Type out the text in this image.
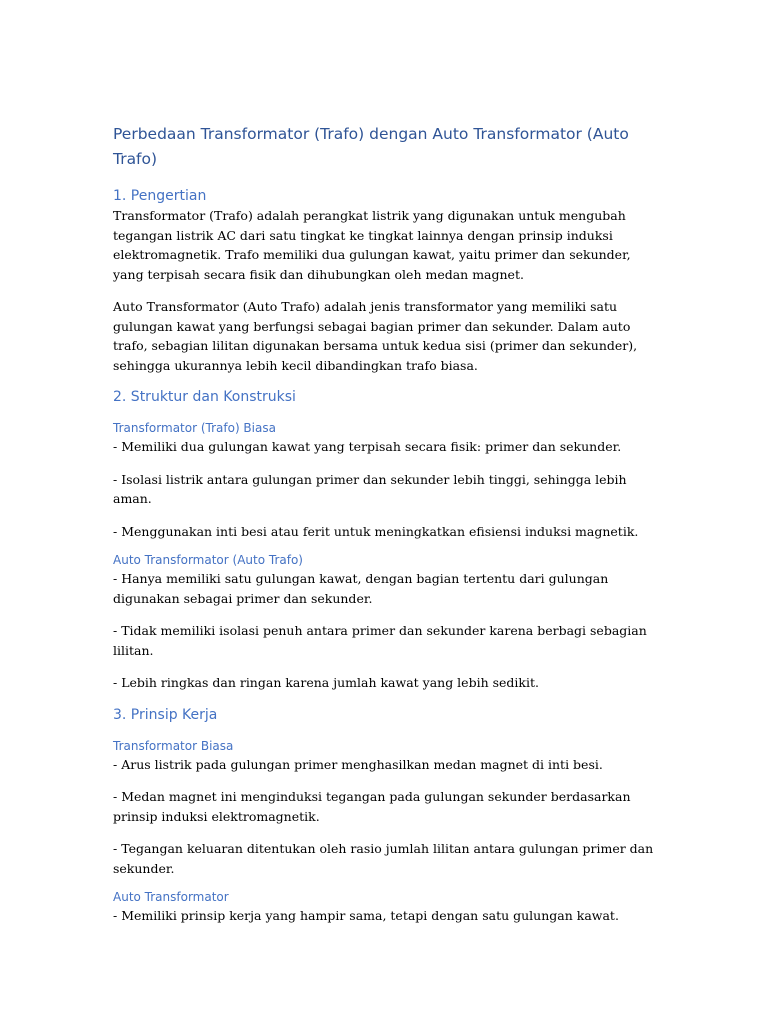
Perbedaan Transformator (Trafo) dengan Auto Transformator (Auto Trafo)
1. Pengertian

Transformator (Trafo) adalah perangkat listrik yang digunakan untuk mengubah tegangan listrik AC dari satu tingkat ke tingkat lainnya dengan prinsip induksi elektromagnetik. Trafo memiliki dua gulungan kawat, yaitu primer dan sekunder, yang terpisah secara fisik dan dihubungkan oleh medan magnet.

Auto Transformator (Auto Trafo) adalah jenis transformator yang memiliki satu gulungan kawat yang berfungsi sebagai bagian primer dan sekunder. Dalam auto trafo, sebagian lilitan digunakan bersama untuk kedua sisi (primer dan sekunder), sehingga ukurannya lebih kecil dibandingkan trafo biasa.

2. Struktur dan Konstruksi
Transformator (Trafo) Biasa

- Memiliki dua gulungan kawat yang terpisah secara fisik: primer dan sekunder.

- Isolasi listrik antara gulungan primer dan sekunder lebih tinggi, sehingga lebih aman.

- Menggunakan inti besi atau ferit untuk meningkatkan efisiensi induksi magnetik.

Auto Transformator (Auto Trafo)

- Hanya memiliki satu gulungan kawat, dengan bagian tertentu dari gulungan digunakan sebagai primer dan sekunder.

- Tidak memiliki isolasi penuh antara primer dan sekunder karena berbagi sebagian lilitan.

- Lebih ringkas dan ringan karena jumlah kawat yang lebih sedikit.

3. Prinsip Kerja
Transformator Biasa

- Arus listrik pada gulungan primer menghasilkan medan magnet di inti besi.

- Medan magnet ini menginduksi tegangan pada gulungan sekunder berdasarkan prinsip induksi elektromagnetik.

- Tegangan keluaran ditentukan oleh rasio jumlah lilitan antara gulungan primer dan sekunder.

Auto Transformator

- Memiliki prinsip kerja yang hampir sama, tetapi dengan satu gulungan kawat.
